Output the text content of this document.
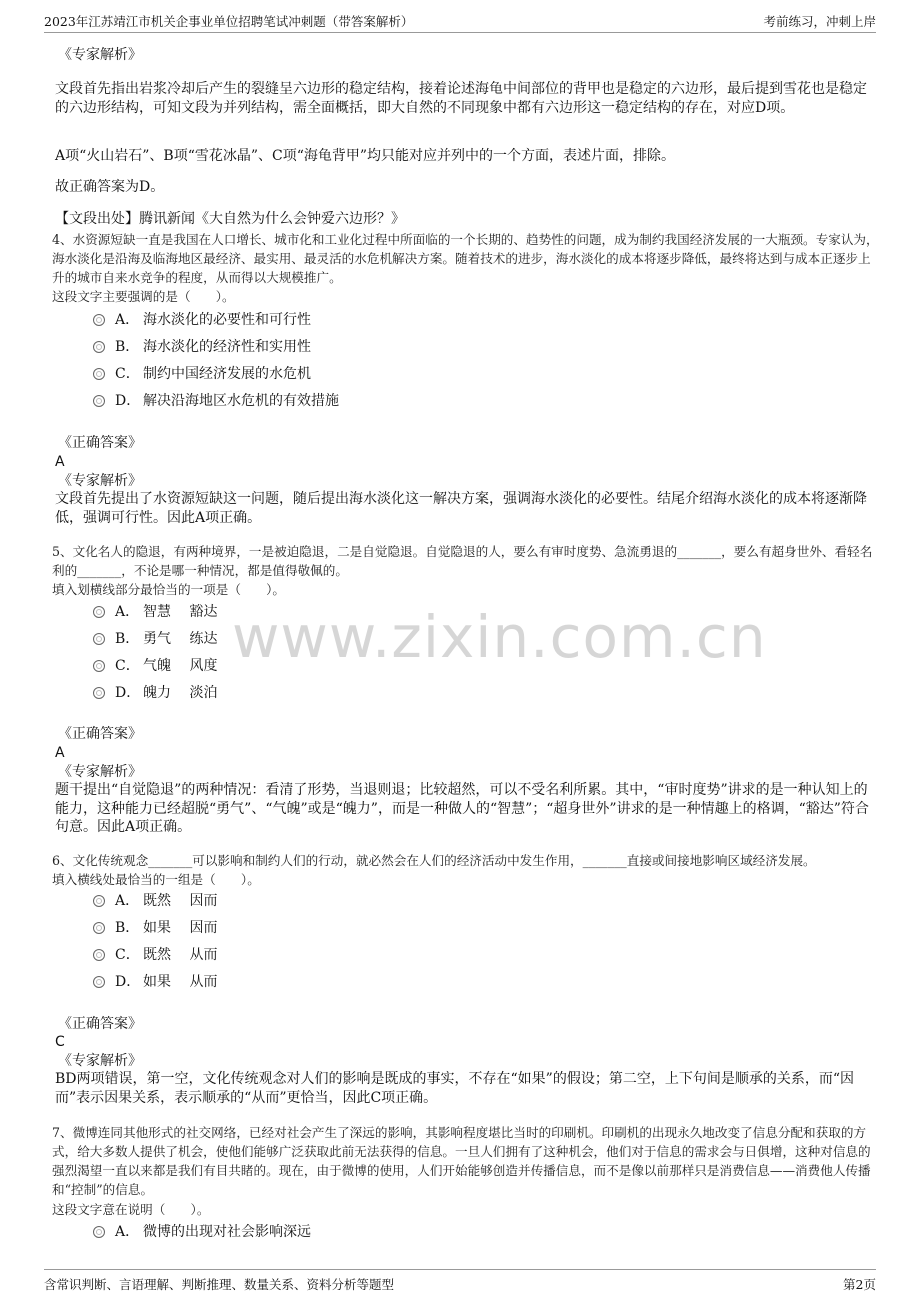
2023年江苏靖江市机关企事业单位招聘笔试冲刺题（带答案解析）	考前练习，冲刺上岸
www.zixin.com.cn
《专家解析》
文段首先指出岩浆冷却后产生的裂缝呈六边形的稳定结构，接着论述海龟中间部位的背甲也是稳定的六边形，最后提到雪花也是稳定的六边形结构，可知文段为并列结构，需全面概括，即大自然的不同现象中都有六边形这一稳定结构的存在，对应D项。
A项“火山岩石”、B项“雪花冰晶”、C项“海龟背甲”均只能对应并列中的一个方面，表述片面，排除。
故正确答案为D。
【文段出处】腾讯新闻《大自然为什么会钟爱六边形？》
4、水资源短缺一直是我国在人口增长、城市化和工业化过程中所面临的一个长期的、趋势性的问题，成为制约我国经济发展的一大瓶颈。专家认为，海水淡化是沿海及临海地区最经济、最实用、最灵活的水危机解决方案。随着技术的进步，海水淡化的成本将逐步降低，最终将达到与成本正逐步上升的城市自来水竞争的程度，从而得以大规模推广。
这段文字主要强调的是（　　）。
A． 海水淡化的必要性和可行性
B． 海水淡化的经济性和实用性
C． 制约中国经济发展的水危机
D． 解决沿海地区水危机的有效措施
《正确答案》
A
《专家解析》
文段首先提出了水资源短缺这一问题，随后提出海水淡化这一解决方案，强调海水淡化的必要性。结尾介绍海水淡化的成本将逐渐降低，强调可行性。因此A项正确。
5、文化名人的隐退，有两种境界，一是被迫隐退，二是自觉隐退。自觉隐退的人，要么有审时度势、急流勇退的_______，要么有超身世外、看轻名利的_______，不论是哪一种情况，都是值得敬佩的。
填入划横线部分最恰当的一项是（　　）。
A． 智慧　 豁达
B． 勇气　 练达
C． 气魄　 风度
D． 魄力　 淡泊
《正确答案》
A
《专家解析》
题干提出“自觉隐退”的两种情况：看清了形势，当退则退；比较超然，可以不受名利所累。其中，“审时度势”讲求的是一种认知上的能力，这种能力已经超脱“勇气”、“气魄”或是“魄力”，而是一种做人的“智慧”；“超身世外”讲求的是一种情趣上的格调，“豁达”符合句意。因此A项正确。
6、文化传统观念_______可以影响和制约人们的行动，就必然会在人们的经济活动中发生作用，_______直接或间接地影响区域经济发展。
填入横线处最恰当的一组是（　　）。
A． 既然　 因而
B． 如果　 因而
C． 既然　 从而
D． 如果　 从而
《正确答案》
C
《专家解析》
BD两项错误，第一空，文化传统观念对人们的影响是既成的事实，不存在“如果”的假设；第二空，上下句间是顺承的关系，而“因而”表示因果关系，表示顺承的“从而”更恰当，因此C项正确。
7、微博连同其他形式的社交网络，已经对社会产生了深远的影响，其影响程度堪比当时的印刷机。印刷机的出现永久地改变了信息分配和获取的方式，给大多数人提供了机会，使他们能够广泛获取此前无法获得的信息。一旦人们拥有了这种机会，他们对于信息的需求会与日俱增，这种对信息的强烈渴望一直以来都是我们有目共睹的。现在，由于微博的使用，人们开始能够创造并传播信息，而不是像以前那样只是消费信息——消费他人传播和“控制”的信息。
这段文字意在说明（　　）。
A． 微博的出现对社会影响深远
含常识判断、言语理解、判断推理、数量关系、资料分析等题型	第2页
